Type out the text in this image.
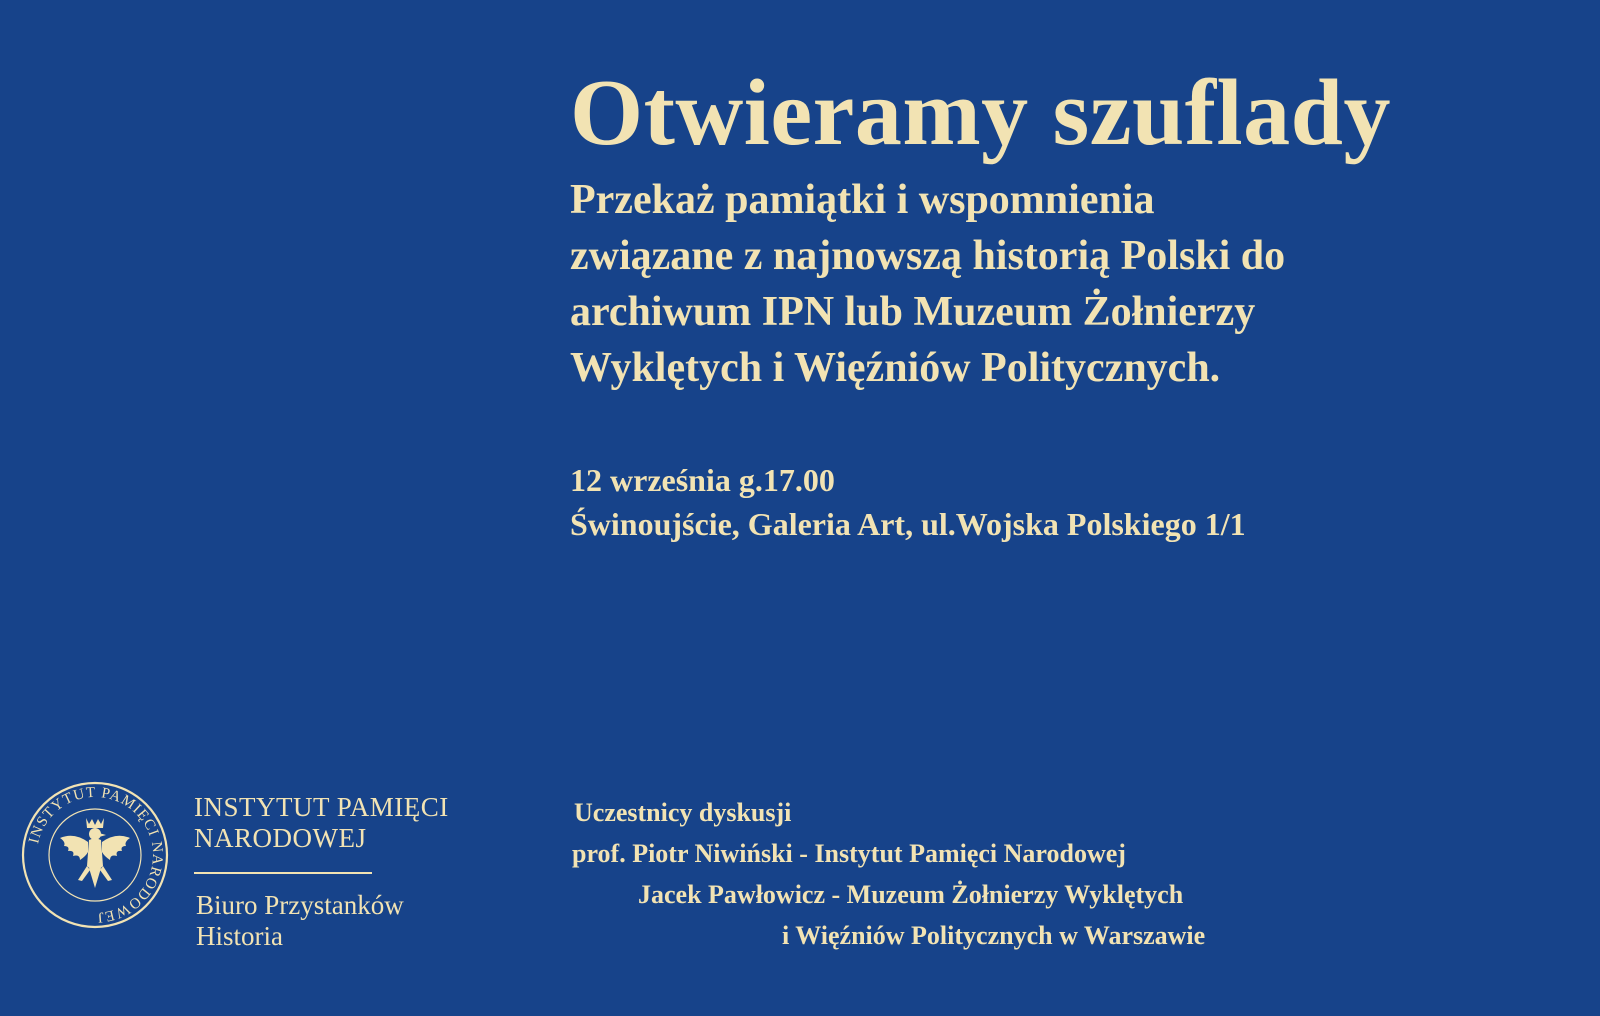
Otwieramy szuflady
Przekaż pamiątki i wspomnienia
związane z najnowszą historią Polski do
archiwum IPN lub Muzeum Żołnierzy
Wyklętych i Więźniów Politycznych.
12 września g.17.00
Świnoujście, Galeria Art, ul.Wojska Polskiego 1/1
INSTYTUT PAMIĘCI NARODOWEJ
INSTYTUT PAMIĘCI
NARODOWEJ
Biuro Przystanków
Historia
Uczestnicy dyskusji
prof. Piotr Niwiński - Instytut Pamięci Narodowej
Jacek Pawłowicz - Muzeum Żołnierzy Wyklętych
i Więźniów Politycznych w Warszawie
